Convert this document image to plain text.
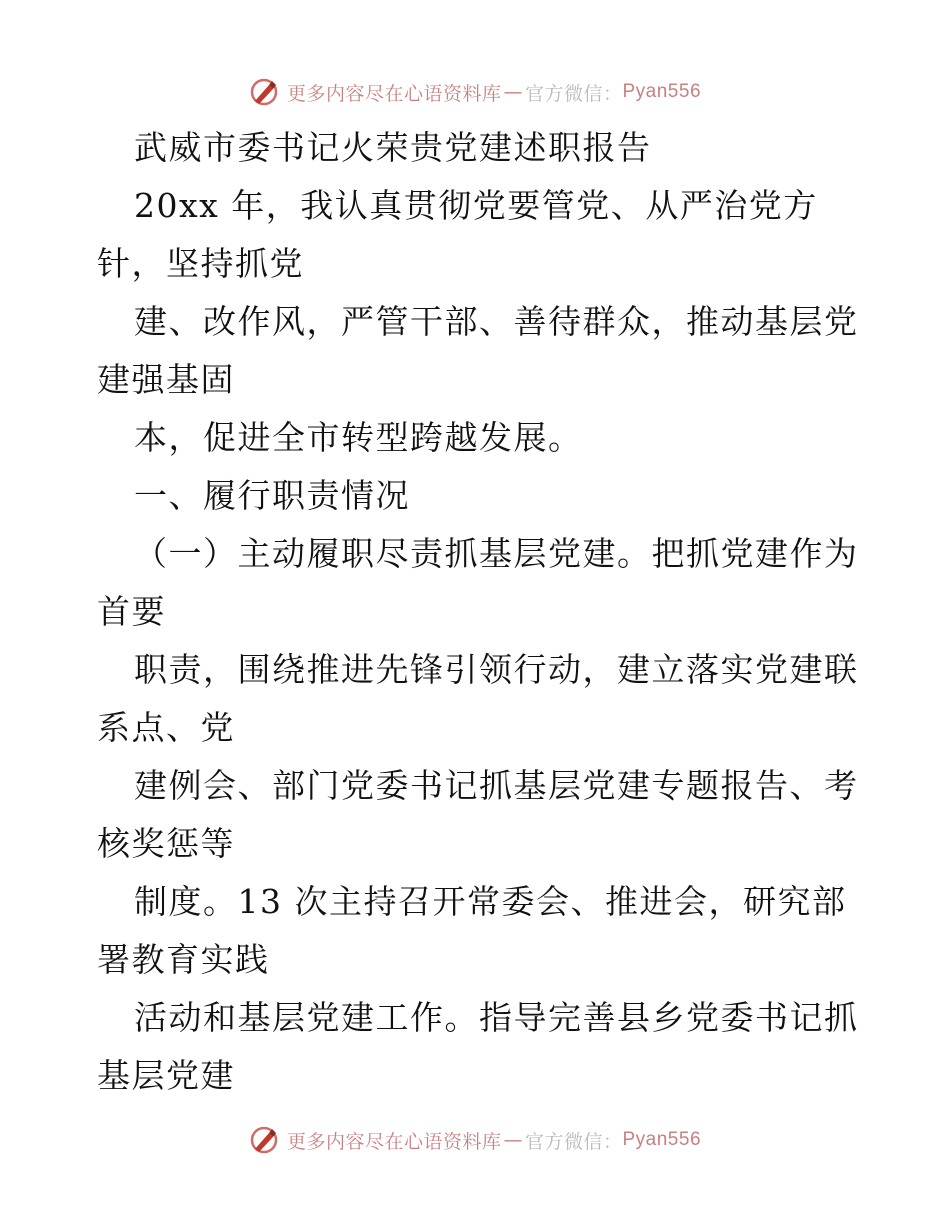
更多内容尽在心语资料库 — 官方微信： Pyan556
武威市委书记火荣贵党建述职报告
20xx 年，我认真贯彻党要管党、从严治党方
针，坚持抓党
建、改作风，严管干部、善待群众，推动基层党
建强基固
本，促进全市转型跨越发展。
一、履行职责情况
（一）主动履职尽责抓基层党建。把抓党建作为
首要
职责，围绕推进先锋引领行动，建立落实党建联
系点、党
建例会、部门党委书记抓基层党建专题报告、考
核奖惩等
制度。13 次主持召开常委会、推进会，研究部
署教育实践
活动和基层党建工作。指导完善县乡党委书记抓
基层党建
更多内容尽在心语资料库 — 官方微信： Pyan556
